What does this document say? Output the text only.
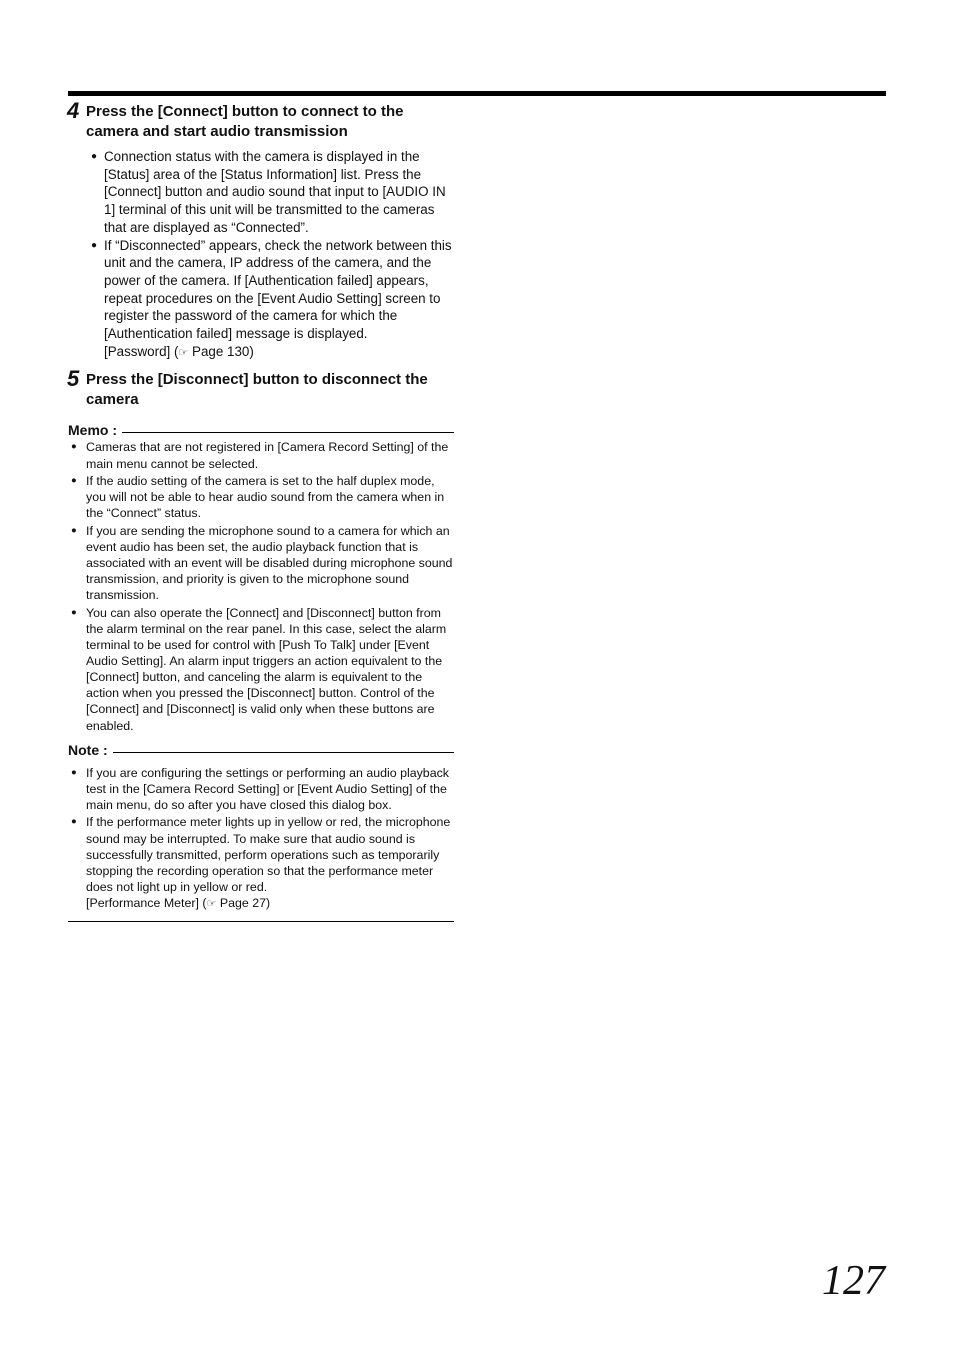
4 Press the [Connect] button to connect to the camera and start audio transmission
● Connection status with the camera is displayed in the [Status] area of the [Status Information] list. Press the [Connect] button and audio sound that input to [AUDIO IN 1] terminal of this unit will be transmitted to the cameras that are displayed as “Connected”.
● If “Disconnected” appears, check the network between this unit and the camera, IP address of the camera, and the power of the camera. If [Authentication failed] appears, repeat procedures on the [Event Audio Setting] screen to register the password of the camera for which the [Authentication failed] message is displayed.
[Password] (☞ Page 130)
5 Press the [Disconnect] button to disconnect the camera
Memo :
● Cameras that are not registered in [Camera Record Setting] of the main menu cannot be selected.
● If the audio setting of the camera is set to the half duplex mode, you will not be able to hear audio sound from the camera when in the “Connect” status.
● If you are sending the microphone sound to a camera for which an event audio has been set, the audio playback function that is associated with an event will be disabled during microphone sound transmission, and priority is given to the microphone sound transmission.
● You can also operate the [Connect] and [Disconnect] button from the alarm terminal on the rear panel. In this case, select the alarm terminal to be used for control with [Push To Talk] under [Event Audio Setting]. An alarm input triggers an action equivalent to the [Connect] button, and canceling the alarm is equivalent to the action when you pressed the [Disconnect] button. Control of the [Connect] and [Disconnect] is valid only when these buttons are enabled.
Note :
● If you are configuring the settings or performing an audio playback test in the [Camera Record Setting] or [Event Audio Setting] of the main menu, do so after you have closed this dialog box.
● If the performance meter lights up in yellow or red, the microphone sound may be interrupted. To make sure that audio sound is successfully transmitted, perform operations such as temporarily stopping the recording operation so that the performance meter does not light up in yellow or red.
[Performance Meter] (☞ Page 27)
127
